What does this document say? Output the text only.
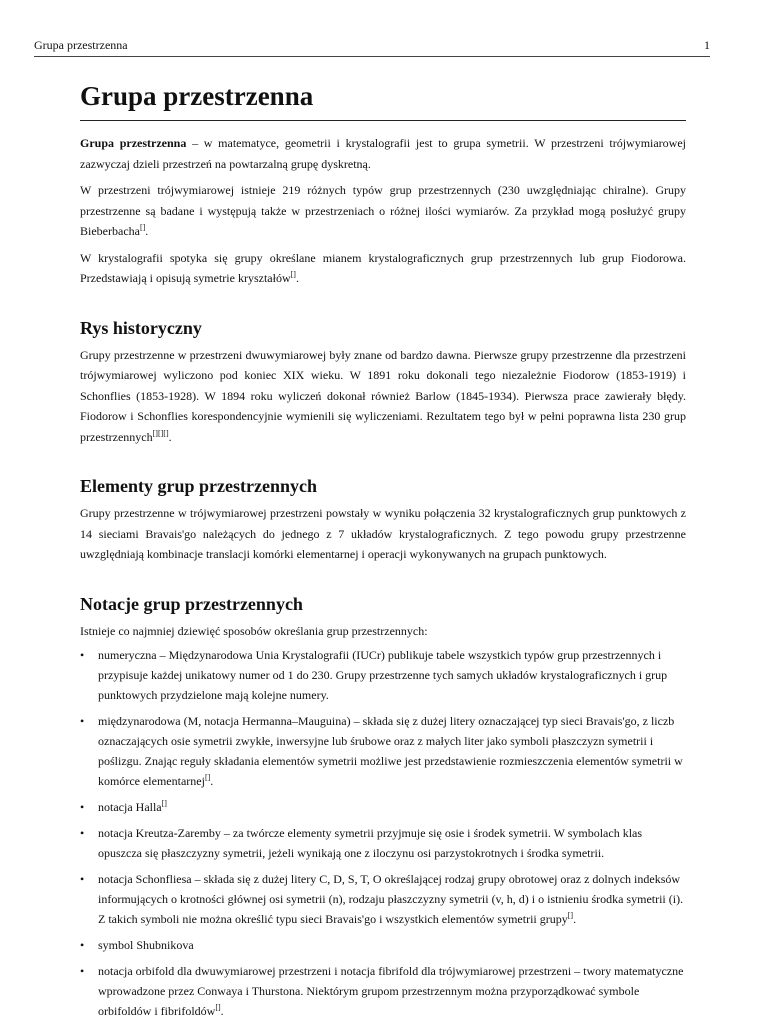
Grupa przestrzenna	1
Grupa przestrzenna

Grupa przestrzenna – w matematyce, geometrii i krystalografii jest to grupa symetrii. W przestrzeni trójwymiarowej zazwyczaj dzieli przestrzeń na powtarzalną grupę dyskretną.

W przestrzeni trójwymiarowej istnieje 219 różnych typów grup przestrzennych (230 uwzględniając chiralne). Grupy przestrzenne są badane i występują także w przestrzeniach o różnej ilości wymiarów. Za przykład mogą posłużyć grupy Bieberbacha[].

W krystalografii spotyka się grupy określane mianem krystalograficznych grup przestrzennych lub grup Fiodorowa. Przedstawiają i opisują symetrie kryształów[].

Rys historyczny

Grupy przestrzenne w przestrzeni dwuwymiarowej były znane od bardzo dawna. Pierwsze grupy przestrzenne dla przestrzeni trójwymiarowej wyliczono pod koniec XIX wieku. W 1891 roku dokonali tego niezależnie Fiodorow (1853-1919) i Schonflies (1853-1928). W 1894 roku wyliczeń dokonał również Barlow (1845-1934). Pierwsza prace zawierały błędy. Fiodorow i Schonflies korespondencyjnie wymienili się wyliczeniami. Rezultatem tego był w pełni poprawna lista 230 grup przestrzennych[][][].

Elementy grup przestrzennych

Grupy przestrzenne w trójwymiarowej przestrzeni powstały w wyniku połączenia 32 krystalograficznych grup punktowych z 14 sieciami Bravais'go należących do jednego z 7 układów krystalograficznych. Z tego powodu grupy przestrzenne uwzględniają kombinacje translacji komórki elementarnej i operacji wykonywanych na grupach punktowych.

Notacje grup przestrzennych

Istnieje co najmniej dziewięć sposobów określania grup przestrzennych:

• numeryczna – Międzynarodowa Unia Krystalografii (IUCr) publikuje tabele wszystkich typów grup przestrzennych i przypisuje każdej unikatowy numer od 1 do 230. Grupy przestrzenne tych samych układów krystalograficznych i grup punktowych przydzielone mają kolejne numery.
• międzynarodowa (M, notacja Hermanna–Mauguina) – składa się z dużej litery oznaczającej typ sieci Bravais'go, z liczb oznaczających osie symetrii zwykłe, inwersyjne lub śrubowe oraz z małych liter jako symboli płaszczyzn symetrii i poślizgu. Znając reguły składania elementów symetrii możliwe jest przedstawienie rozmieszczenia elementów symetrii w komórce elementarnej[].
• notacja Halla[]
• notacja Kreutza-Zaremby – za twórcze elementy symetrii przyjmuje się osie i środek symetrii. W symbolach klas opuszcza się płaszczyzny symetrii, jeżeli wynikają one z iloczynu osi parzystokrotnych i środka symetrii.
• notacja Schonfliesa – składa się z dużej litery C, D, S, T, O określającej rodzaj grupy obrotowej oraz z dolnych indeksów informujących o krotności głównej osi symetrii (n), rodzaju płaszczyzny symetrii (v, h, d) i o istnieniu środka symetrii (i). Z takich symboli nie można określić typu sieci Bravais'go i wszystkich elementów symetrii grupy[].
• symbol Shubnikova
• notacja orbifold dla dwuwymiarowej przestrzeni i notacja fibrifold dla trójwymiarowej przestrzeni – twory matematyczne wprowadzone przez Conwaya i Thurstona. Niektórym grupom przestrzennym można przyporządkować symbole orbifoldów i fibrifoldów[].
